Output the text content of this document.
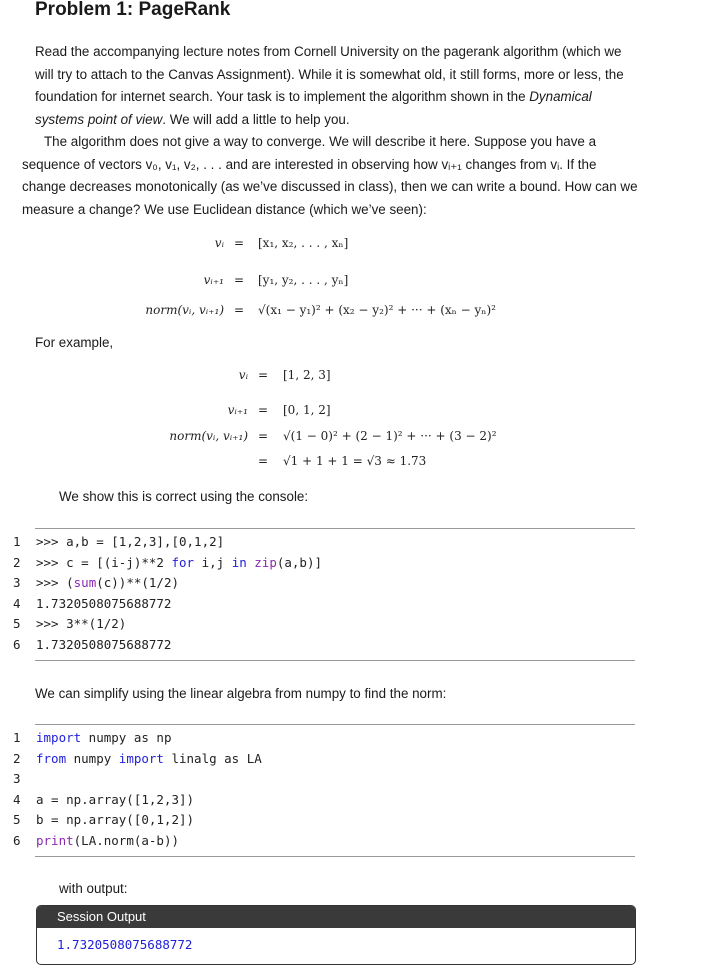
Problem 1: PageRank

Read the accompanying lecture notes from Cornell University on the pagerank algorithm (which we will try to attach to the Canvas Assignment). While it is somewhat old, it still forms, more or less, the foundation for internet search. Your task is to implement the algorithm shown in the Dynamical systems point of view. We will add a little to help you.

The algorithm does not give a way to converge. We will describe it here. Suppose you have a sequence of vectors v₀, v₁, v₂, . . . and are interested in observing how vᵢ₊₁ changes from vᵢ. If the change decreases monotonically (as we’ve discussed in class), then we can write a bound. How can we measure a change? We use Euclidean distance (which we’ve seen):

vᵢ = [x₁, x₂, . . . , xₙ]
vᵢ₊₁ = [y₁, y₂, . . . , yₙ]
norm(vᵢ, vᵢ₊₁) = √(x₁ − y₁)² + (x₂ − y₂)² + ··· + (xₙ − yₙ)²
For example,
vᵢ = [1, 2, 3]
vᵢ₊₁ = [0, 1, 2]
norm(vᵢ, vᵢ₊₁) = √(1 − 0)² + (2 − 1)² + ··· + (3 − 2)²
= √1 + 1 + 1 = √3 ≈ 1.73
We show this is correct using the console:
1	>>> a,b = [1,2,3],[0,1,2]
2	>>> c = [(i-j)**2 for i,j in zip(a,b)]
3	>>> (sum(c))**(1/2)
4	1.7320508075688772
5	>>> 3**(1/2)
6	1.7320508075688772
We can simplify using the linear algebra from numpy to find the norm:
1	import numpy as np
2	from numpy import linalg as LA
3
4	a = np.array([1,2,3])
5	b = np.array([0,1,2])
6	print(LA.norm(a-b))
with output:
Session Output
1.7320508075688772
